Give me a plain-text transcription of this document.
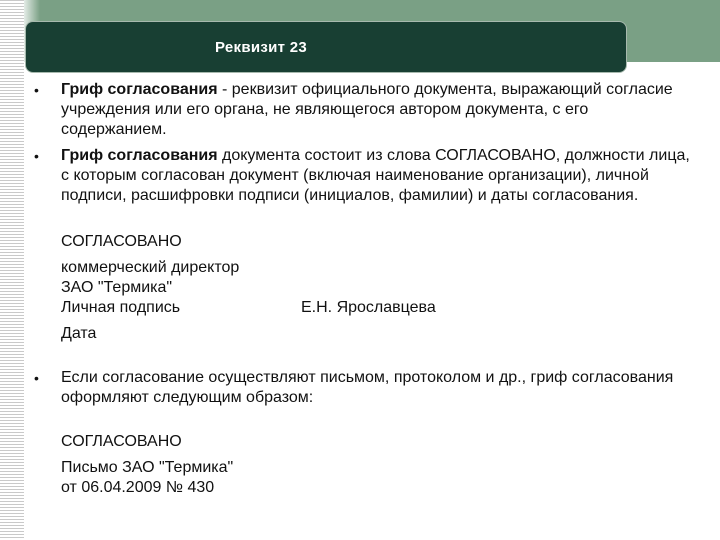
Реквизит 23
• Гриф согласования - реквизит официального документа, выражающий согласие учреждения или его органа, не являющегося автором документа, с его содержанием.
• Гриф согласования документа состоит из слова СОГЛАСОВАНО, должности лица, с которым согласован документ (включая наименование организации), личной подписи, расшифровки подписи (инициалов, фамилии) и даты согласования.
СОГЛАСОВАНО
коммерческий директор
ЗАО "Термика"
Личная подпись	Е.Н. Ярославцева
Дата
• Если согласование осуществляют письмом, протоколом и др., гриф согласования оформляют следующим образом:
СОГЛАСОВАНО
Письмо ЗАО "Термика"
от 06.04.2009 № 430
